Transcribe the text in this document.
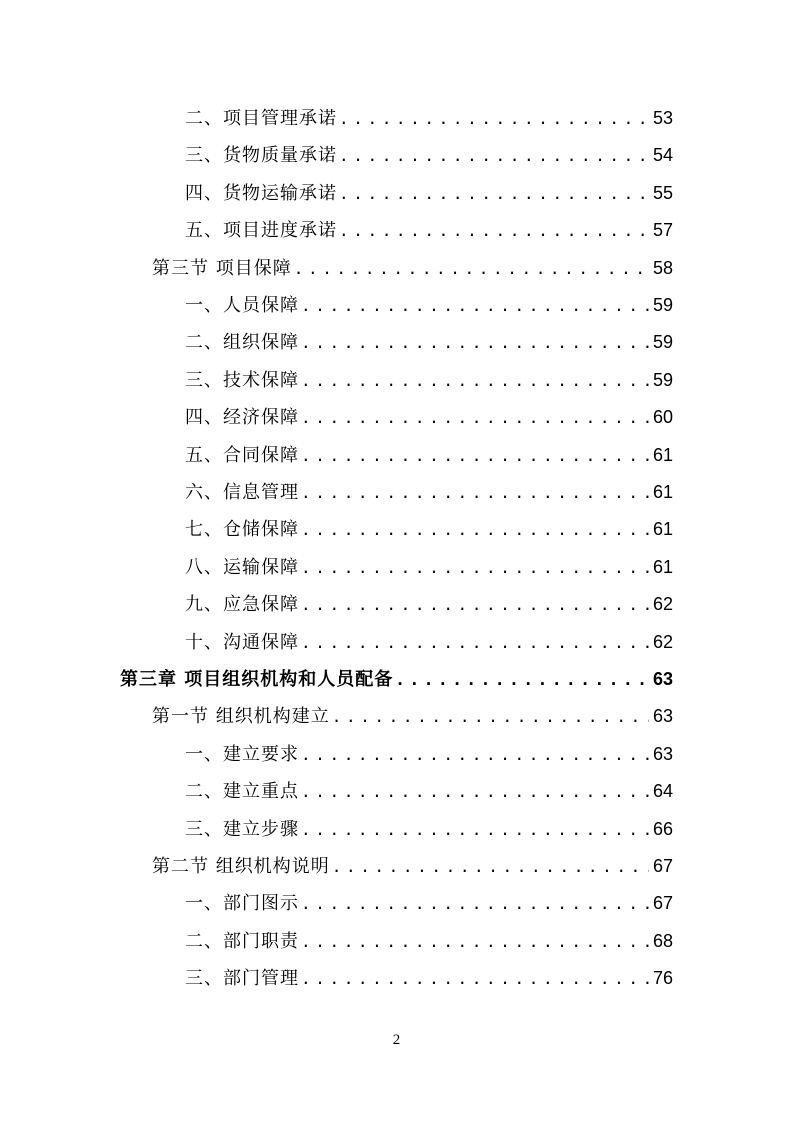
二、项目管理承诺 .....	53
三、货物质量承诺 .....	54
四、货物运输承诺 .....	55
五、项目进度承诺 .....	57
第三节 项目保障 .....	58
一、人员保障 .....	59
二、组织保障 .....	59
三、技术保障 .....	59
四、经济保障 .....	60
五、合同保障 .....	61
六、信息管理 .....	61
七、仓储保障 .....	61
八、运输保障 .....	61
九、应急保障 .....	62
十、沟通保障 .....	62
第三章 项目组织机构和人员配备 .....	63
第一节 组织机构建立 .....	63
一、建立要求 .....	63
二、建立重点 .....	64
三、建立步骤 .....	66
第二节 组织机构说明 .....	67
一、部门图示 .....	67
二、部门职责 .....	68
三、部门管理 .....	76
2
